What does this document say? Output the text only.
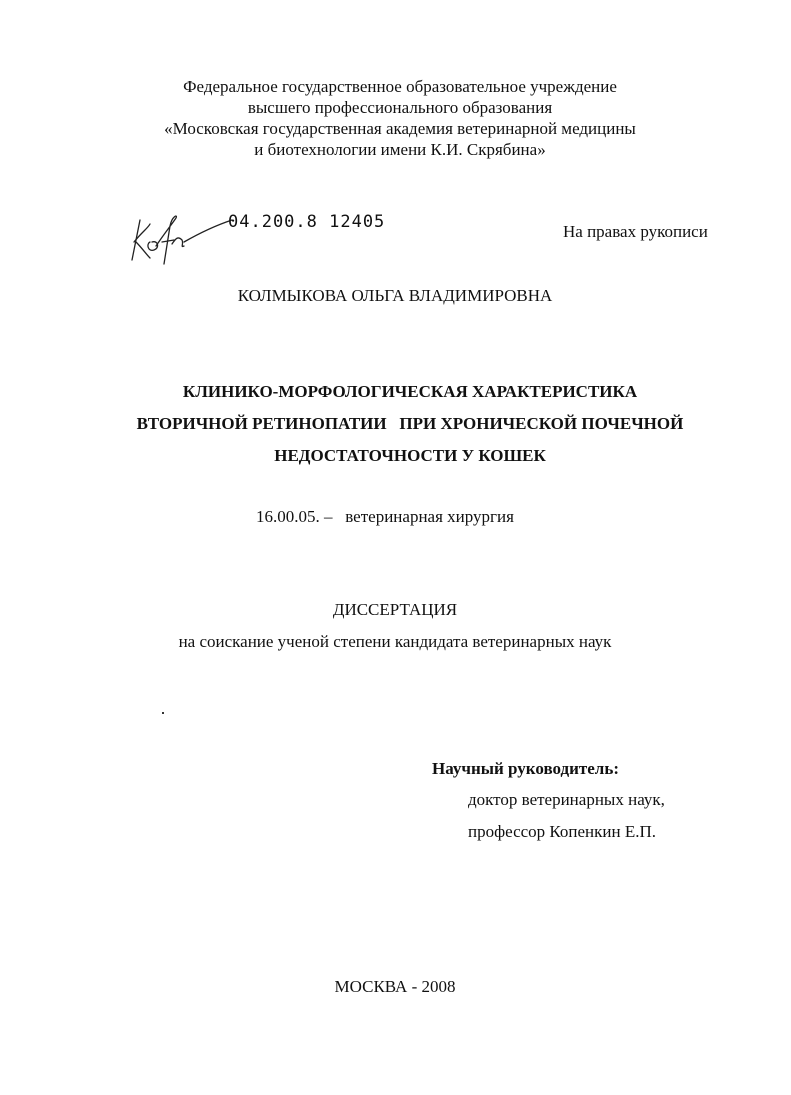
Федеральное государственное образовательное учреждение
высшего профессионального образования
«Московская государственная академия ветеринарной медицины
и биотехнологии имени К.И. Скрябина»
04.200.8 12405	На правах рукописи
КОЛМЫКОВА ОЛЬГА ВЛАДИМИРОВНА
КЛИНИКО-МОРФОЛОГИЧЕСКАЯ ХАРАКТЕРИСТИКА
ВТОРИЧНОЙ РЕТИНОПАТИИ   ПРИ ХРОНИЧЕСКОЙ ПОЧЕЧНОЙ
НЕДОСТАТОЧНОСТИ У КОШЕК
16.00.05. – ветеринарная хирургия
ДИССЕРТАЦИЯ
на соискание ученой степени кандидата ветеринарных наук
Научный руководитель:
доктор ветеринарных наук,
профессор Копенкин Е.П.
МОСКВА - 2008
